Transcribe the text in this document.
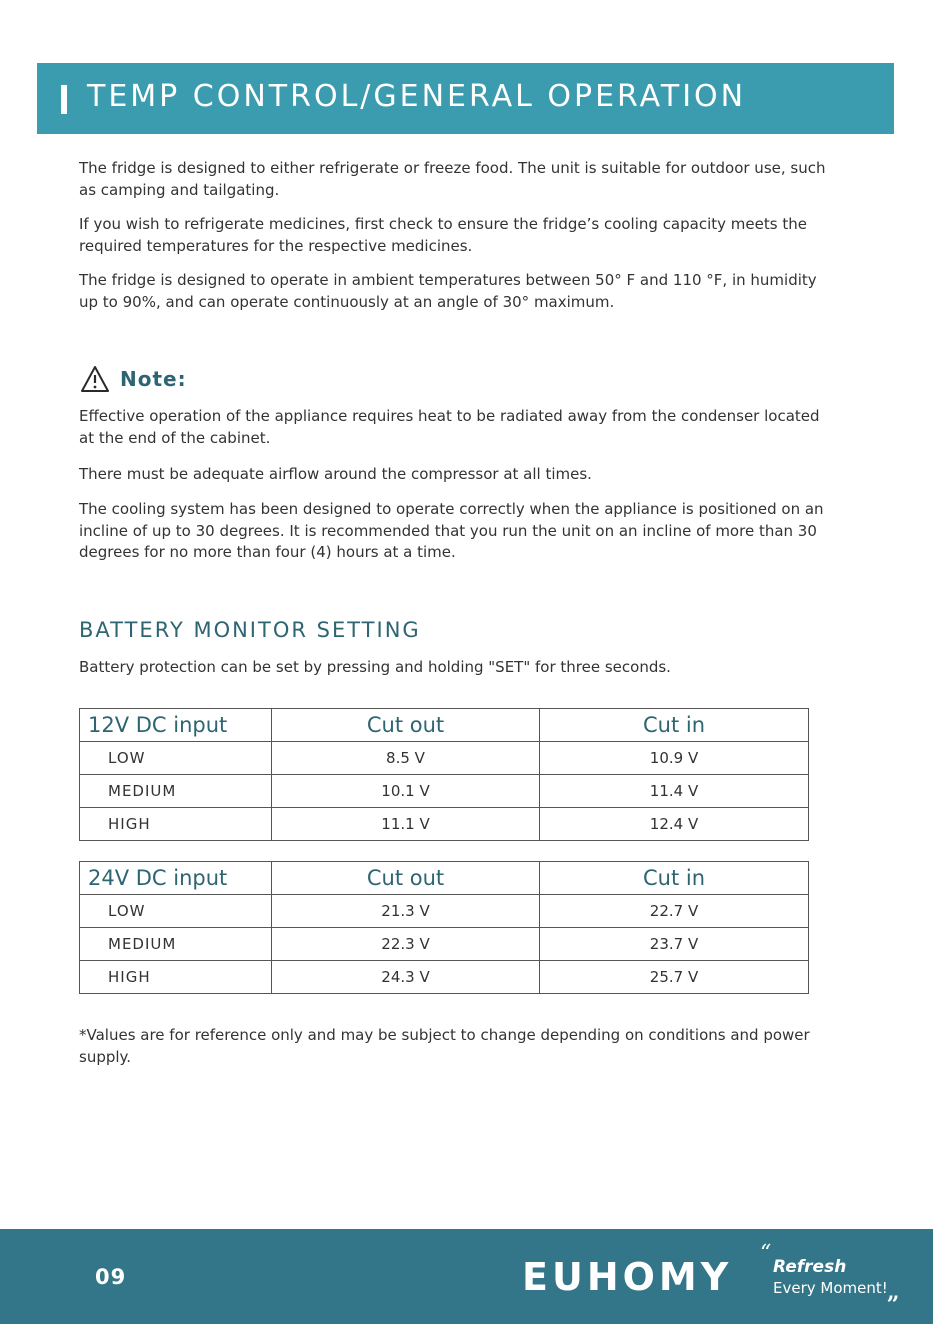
TEMP CONTROL/GENERAL OPERATION

The fridge is designed to either refrigerate or freeze food. The unit is suitable for outdoor use, such as camping and tailgating.

If you wish to refrigerate medicines, first check to ensure the fridge’s cooling capacity meets the required temperatures for the respective medicines.

The fridge is designed to operate in ambient temperatures between 50° F and 110 °F, in humidity up to 90%, and can operate continuously at an angle of 30° maximum.

Note:

Effective operation of the appliance requires heat to be radiated away from the condenser located at the end of the cabinet.

There must be adequate airflow around the compressor at all times.

The cooling system has been designed to operate correctly when the appliance is positioned on an incline of up to 30 degrees. It is recommended that you run the unit on an incline of more than 30 degrees for no more than four (4) hours at a time.

BATTERY MONITOR SETTING

Battery protection can be set by pressing and holding "SET" for three seconds.

12V DC input	Cut out	Cut in
LOW	8.5 V	10.9 V
MEDIUM	10.1 V	11.4 V
HIGH	11.1 V	12.4 V
24V DC input	Cut out	Cut in
LOW	21.3 V	22.7 V
MEDIUM	22.3 V	23.7 V
HIGH	24.3 V	25.7 V

*Values are for reference only and may be subject to change depending on conditions and power supply.

09	EUHOMY
“
Refresh
Every Moment! „
